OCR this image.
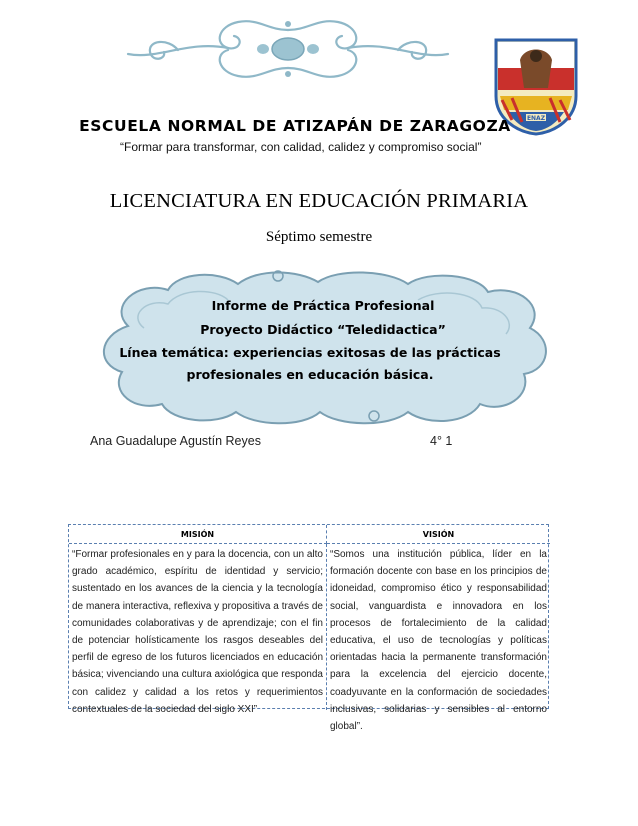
ENAZ
ESCUELA NORMAL DE ATIZAPÁN DE ZARAGOZA
“Formar para transformar, con calidad, calidez y compromiso social”
LICENCIATURA EN EDUCACIÓN PRIMARIA
Séptimo semestre
Informe de Práctica Profesional
Proyecto Didáctico “Teledidactica”
Línea temática: experiencias exitosas de las prácticas profesionales en educación básica.
Ana Guadalupe Agustín Reyes	4° 1
MISIÓN	VISIÓN
“Formar profesionales en y para la docencia, con un alto grado académico, espíritu de identidad y servicio; sustentado en los avances de la ciencia y la tecnología de manera interactiva, reflexiva y propositiva a través de comunidades colaborativas y de aprendizaje; con el fin de potenciar holísticamente los rasgos deseables del perfil de egreso de los futuros licenciados en educación básica; vivenciando una cultura axiológica que responda con calidez y calidad a los retos y requerimientos contextuales de la sociedad del siglo XXI”
“Somos una institución pública, líder en la formación docente con base en los principios de idoneidad, compromiso ético y responsabilidad social, vanguardista e innovadora en los procesos de fortalecimiento de la calidad educativa, el uso de tecnologías y políticas orientadas hacia la permanente transformación para la excelencia del ejercicio docente, coadyuvante en la conformación de sociedades inclusivas, solidarias y sensibles al entorno global”.
